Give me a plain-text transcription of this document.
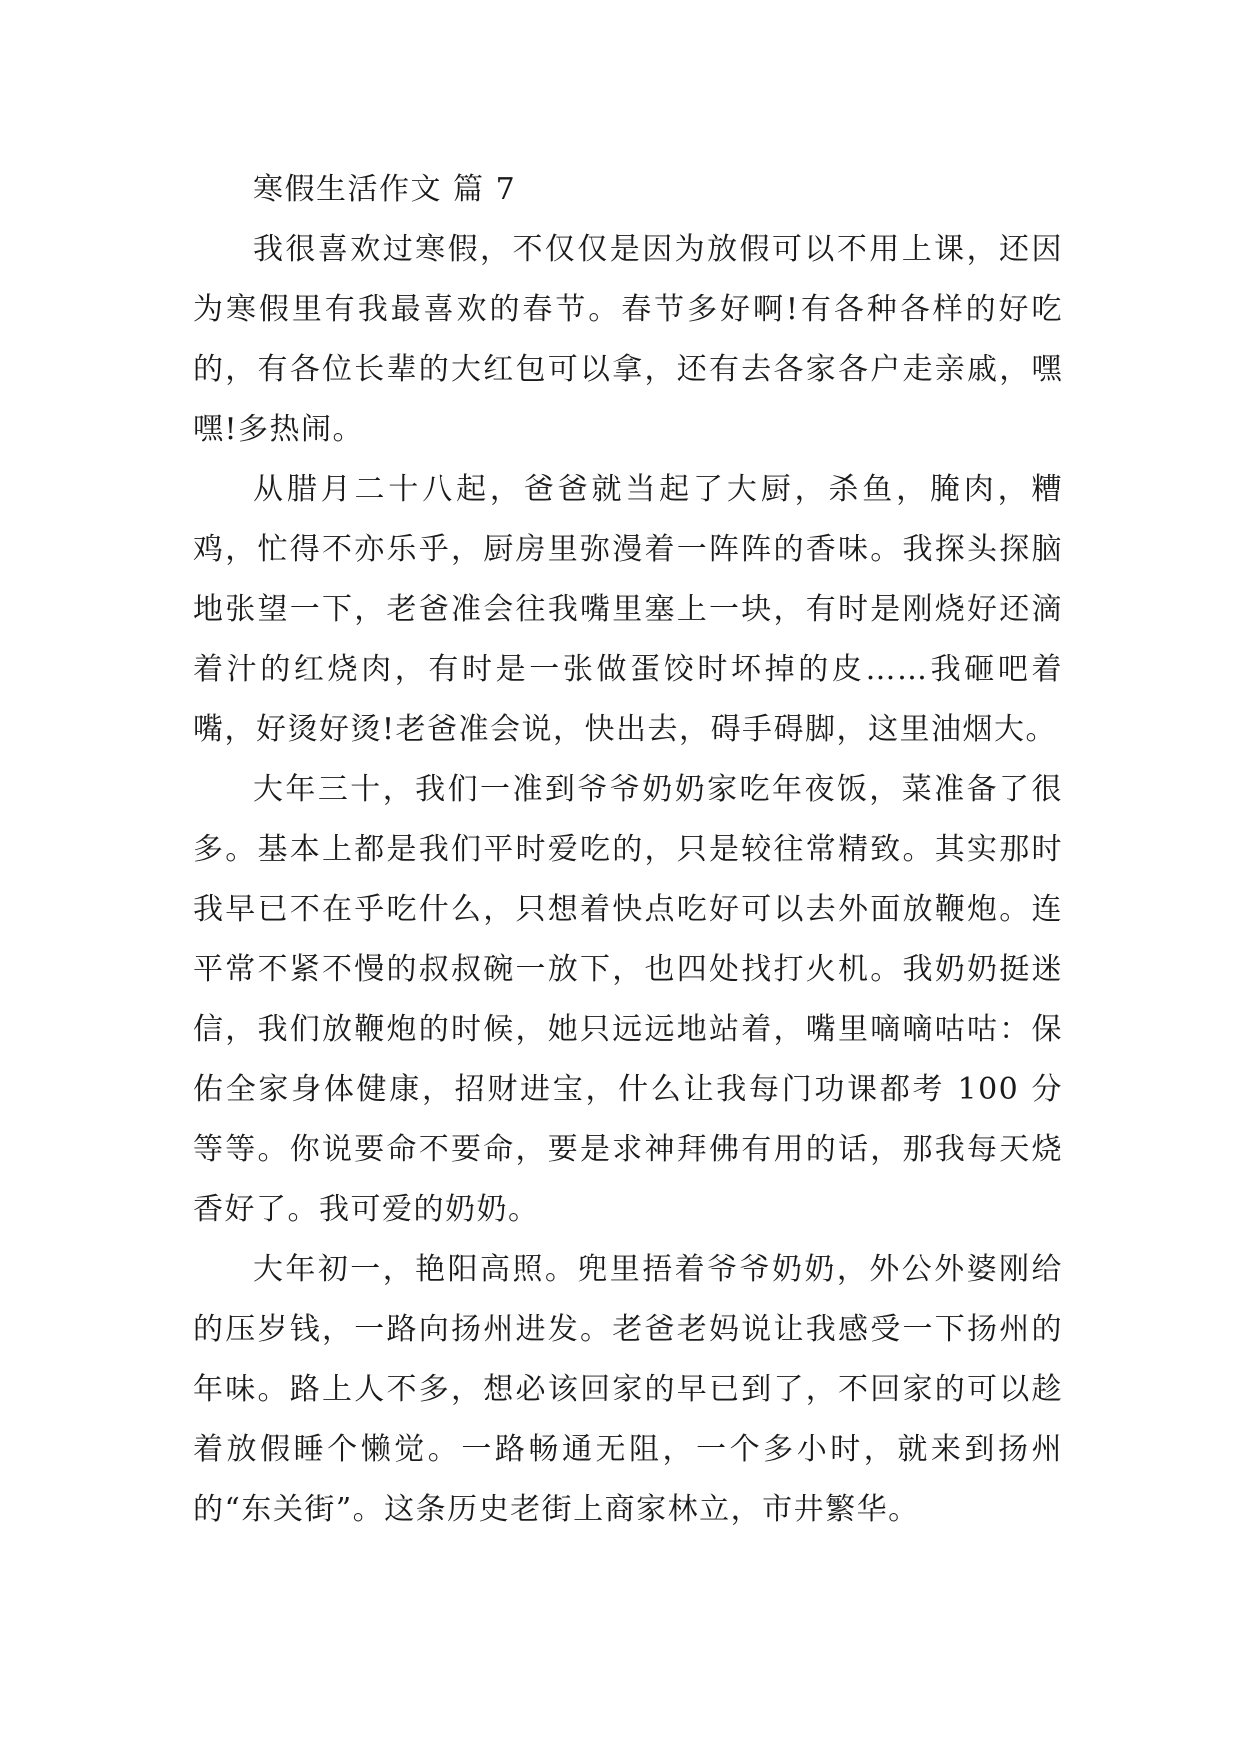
寒假生活作文 篇 7

我很喜欢过寒假，不仅仅是因为放假可以不用上课，还因为寒假里有我最喜欢的春节。春节多好啊!有各种各样的好吃的，有各位长辈的大红包可以拿，还有去各家各户走亲戚，嘿嘿!多热闹。

从腊月二十八起，爸爸就当起了大厨，杀鱼，腌肉，糟鸡，忙得不亦乐乎，厨房里弥漫着一阵阵的香味。我探头探脑地张望一下，老爸准会往我嘴里塞上一块，有时是刚烧好还滴着汁的红烧肉，有时是一张做蛋饺时坏掉的皮……我砸吧着嘴，好烫好烫!老爸准会说，快出去，碍手碍脚，这里油烟大。

大年三十，我们一准到爷爷奶奶家吃年夜饭，菜准备了很多。基本上都是我们平时爱吃的，只是较往常精致。其实那时我早已不在乎吃什么，只想着快点吃好可以去外面放鞭炮。连平常不紧不慢的叔叔碗一放下，也四处找打火机。我奶奶挺迷信，我们放鞭炮的时候，她只远远地站着，嘴里嘀嘀咕咕：保佑全家身体健康，招财进宝，什么让我每门功课都考 100 分等等。你说要命不要命，要是求神拜佛有用的话，那我每天烧香好了。我可爱的奶奶。

大年初一，艳阳高照。兜里捂着爷爷奶奶，外公外婆刚给的压岁钱，一路向扬州进发。老爸老妈说让我感受一下扬州的年味。路上人不多，想必该回家的早已到了，不回家的可以趁着放假睡个懒觉。一路畅通无阻，一个多小时，就来到扬州的“东关街”。这条历史老街上商家林立，市井繁华。
